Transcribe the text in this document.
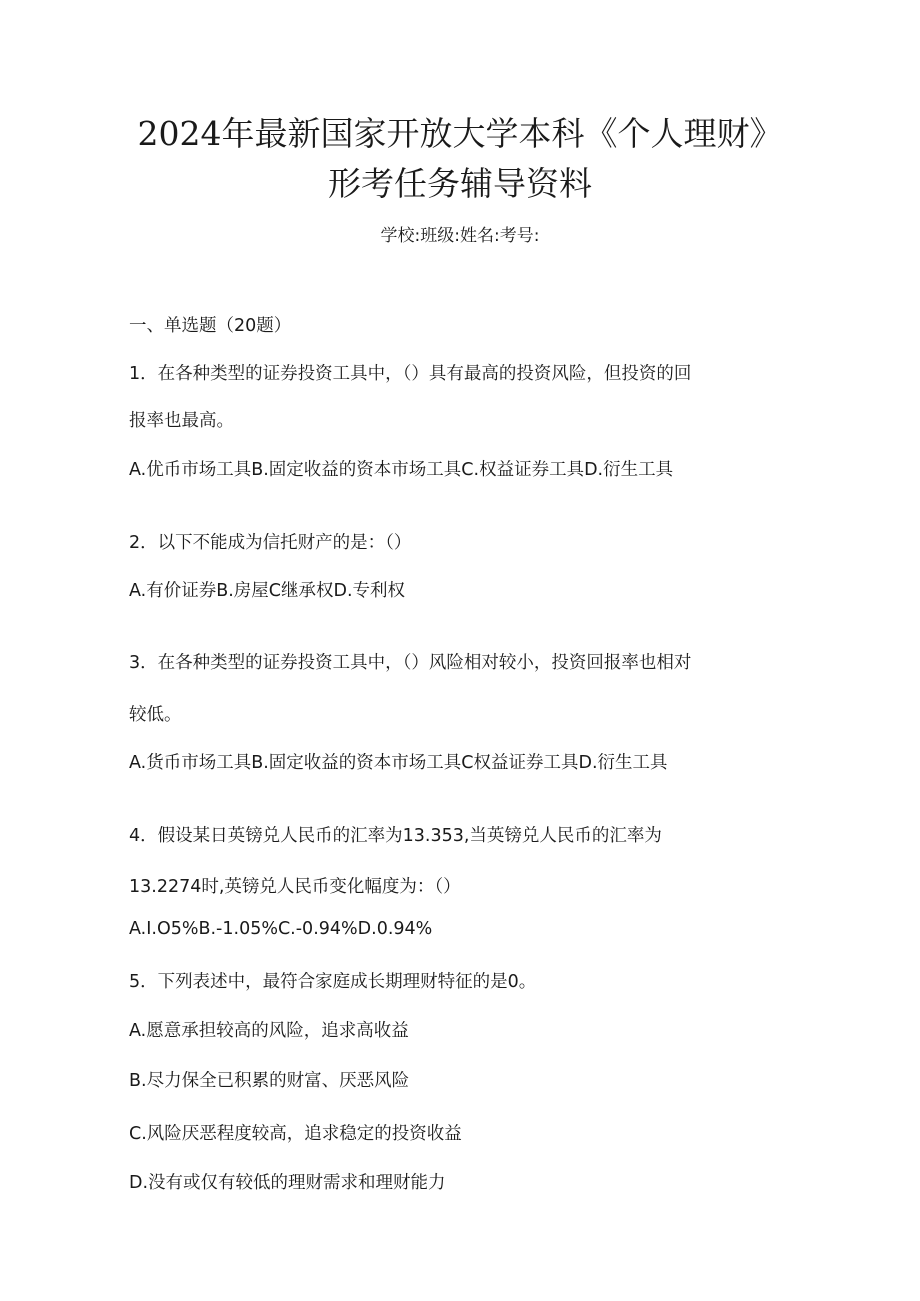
2024年最新国家开放大学本科《个人理财》
形考任务辅导资料
学校:班级:姓名:考号:
一、单选题（20题）
1．在各种类型的证券投资工具中，（）具有最高的投资风险，但投资的回
报率也最高。
A.优币市场工具B.固定收益的资本市场工具C.权益证券工具D.衍生工具
2．以下不能成为信托财产的是：（）
A.有价证券B.房屋C继承权D.专利权
3．在各种类型的证券投资工具中，（）风险相对较小，投资回报率也相对
较低。
A.货币市场工具B.固定收益的资本市场工具C权益证券工具D.衍生工具
4．假设某日英镑兑人民币的汇率为13.353,当英镑兑人民币的汇率为
13.2274时,英镑兑人民币变化幅度为：（）
A.I.O5%B.-1.05%C.-0.94%D.0.94%
5．下列表述中，最符合家庭成长期理财特征的是0。
A.愿意承担较高的风险，追求高收益
B.尽力保全已积累的财富、厌恶风险
C.风险厌恶程度较高，追求稳定的投资收益
D.没有或仅有较低的理财需求和理财能力
